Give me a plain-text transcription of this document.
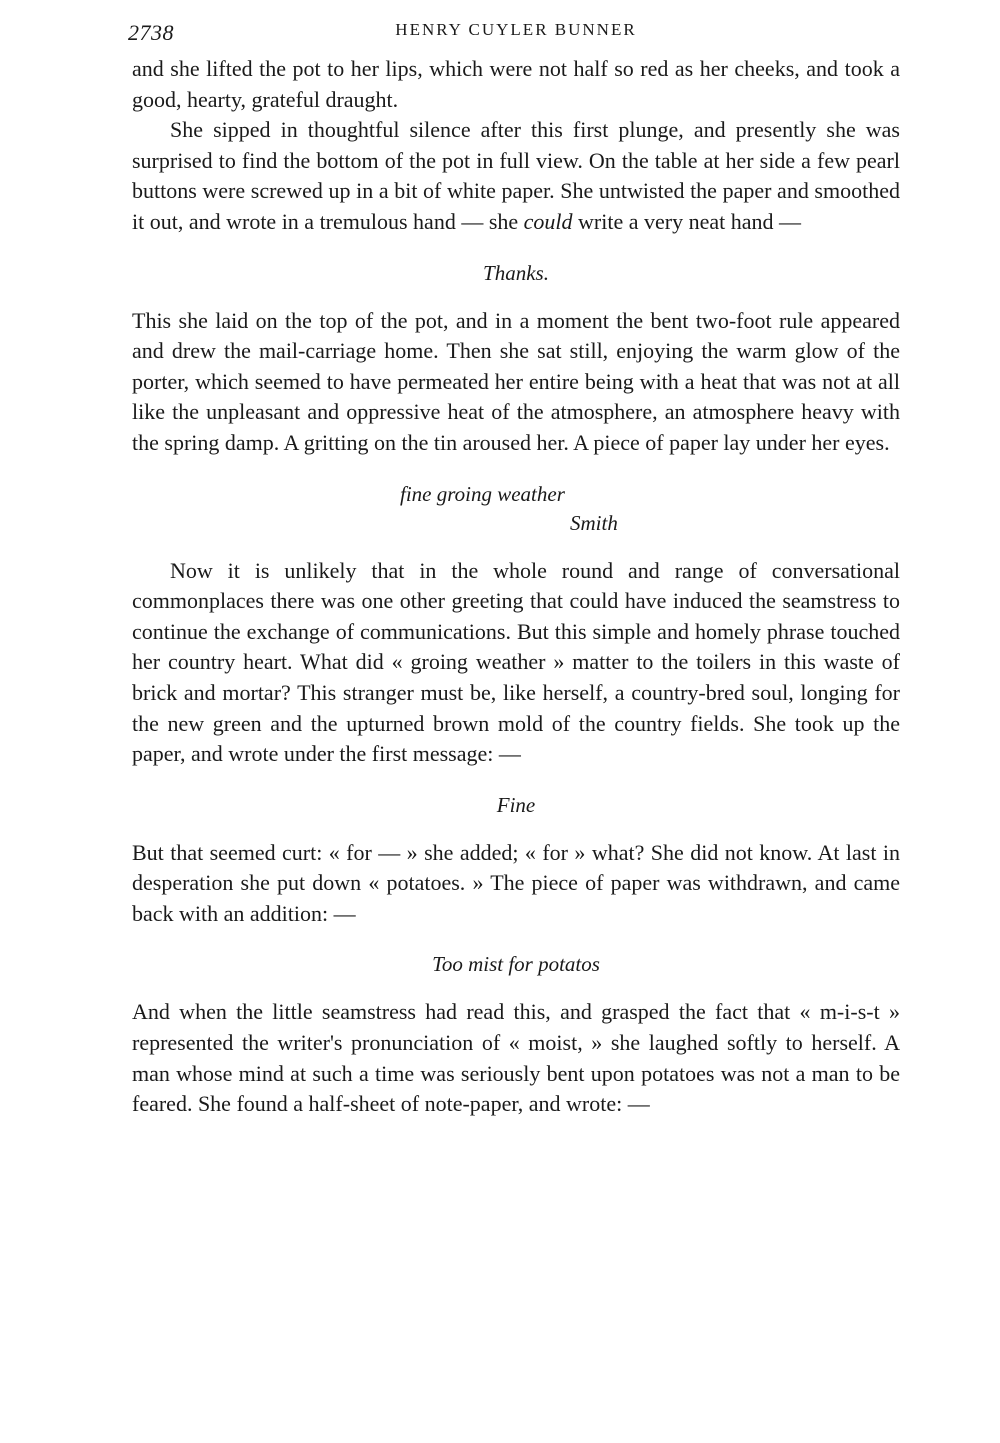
2738	HENRY CUYLER BUNNER

and she lifted the pot to her lips, which were not half so red as her cheeks, and took a good, hearty, grateful draught.

She sipped in thoughtful silence after this first plunge, and presently she was surprised to find the bottom of the pot in full view. On the table at her side a few pearl buttons were screwed up in a bit of white paper. She untwisted the paper and smoothed it out, and wrote in a tremulous hand — she could write a very neat hand —

Thanks.

This she laid on the top of the pot, and in a moment the bent two-foot rule appeared and drew the mail-carriage home. Then she sat still, enjoying the warm glow of the porter, which seemed to have permeated her entire being with a heat that was not at all like the unpleasant and oppressive heat of the atmosphere, an atmosphere heavy with the spring damp. A gritting on the tin aroused her. A piece of paper lay under her eyes.

fine groing weather
Smith

Now it is unlikely that in the whole round and range of conversational commonplaces there was one other greeting that could have induced the seamstress to continue the exchange of communications. But this simple and homely phrase touched her country heart. What did « groing weather » matter to the toilers in this waste of brick and mortar? This stranger must be, like herself, a country-bred soul, longing for the new green and the upturned brown mold of the country fields. She took up the paper, and wrote under the first message: —

Fine

But that seemed curt: « for — » she added; « for » what? She did not know. At last in desperation she put down « potatoes. » The piece of paper was withdrawn, and came back with an addition: —

Too mist for potatos

And when the little seamstress had read this, and grasped the fact that « m-i-s-t » represented the writer's pronunciation of « moist, » she laughed softly to herself. A man whose mind at such a time was seriously bent upon potatoes was not a man to be feared. She found a half-sheet of note-paper, and wrote: —
